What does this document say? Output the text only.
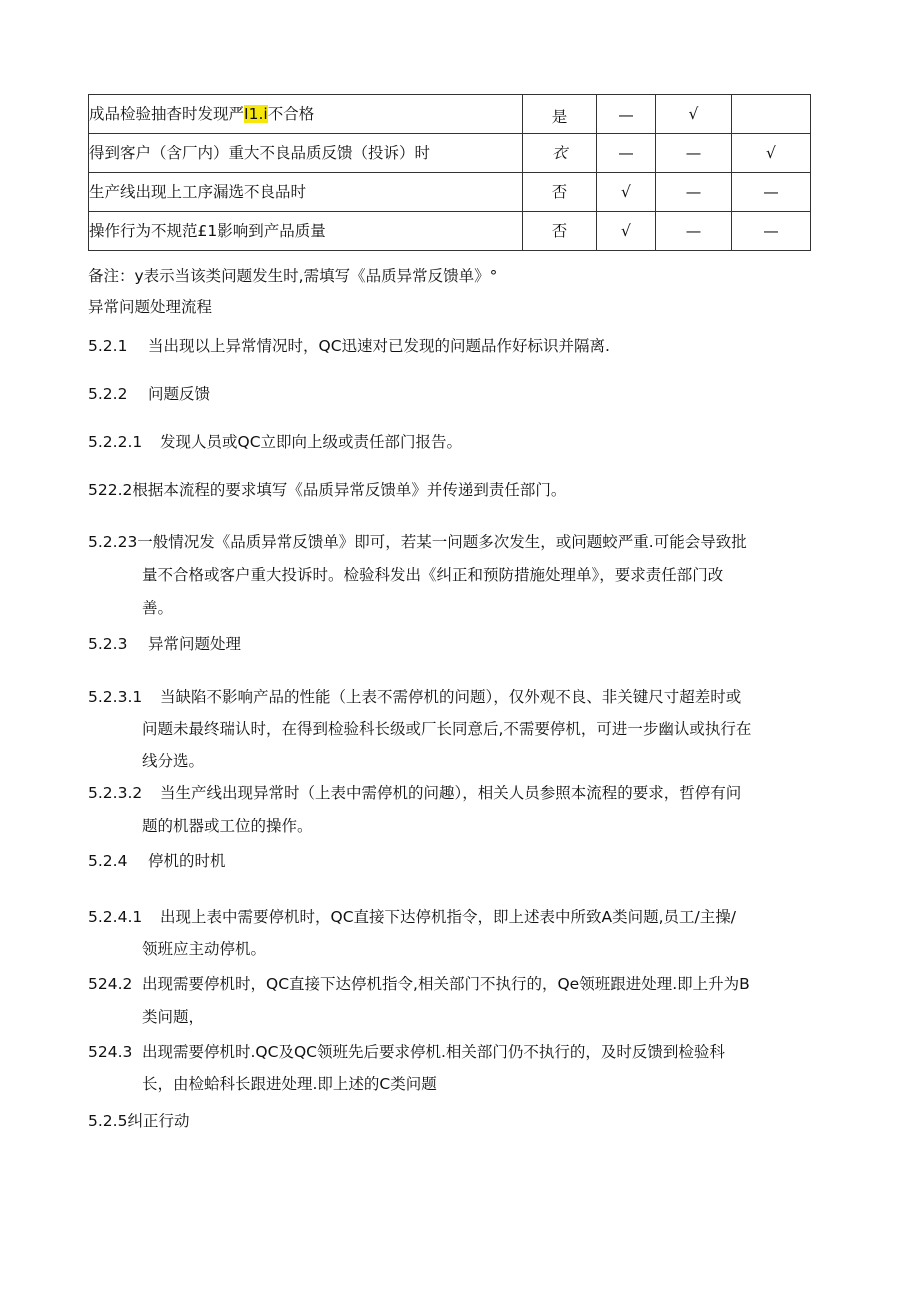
成品检验抽杳时发现严I1.i不合格	是	—	√	
得到客户（含厂内）重大不良品质反馈（投诉）时	衣	—	—	√
生产线出现上工序漏选不良品时	否	√	—	—
操作行为不规范£1影响到产品质量	否	√	—	—
备注：y表示当该类问题发生时,需填写《品质异常反馈单》°
异常问题处理流程
5.2.1 当出现以上异常情况时，QC迅速对已发现的问题品作好标识并隔离.
5.2.2 问题反馈
5.2.2.1 发现人员或QC立即向上级或责任部门报告。
522.2根据本流程的要求填写《品质异常反馈单》并传递到责任部门。
5.2.23一般情况发《品质异常反馈单》即可，若某一问题多次发生，或问题蛟严重.可能会导致批
量不合格或客户重大投诉时。检验科发出《纠正和预防措施处理单》，要求责任部门改
善。
5.2.3 异常问题处理
5.2.3.1 当缺陷不影响产品的性能（上表不需停机的问题），仅外观不良、非关键尺寸超差时或
问题未最终瑞认时，在得到检验科长级或厂长同意后,不需要停机，可进一步幽认或执行在
线分选。
5.2.3.2 当生产线出现异常时（上表中需停机的问趣），相关人员参照本流程的要求，哲停有问
题的机器或工位的操作。
5.2.4 停机的时机
5.2.4.1 出现上表中需要停机时，QC直接下达停机指令，即上述表中所致A类问题,员工/主操/
领班应主动停机。
524.2 出现需要停机时，QC直接下达停机指令,相关部门不执行的，Qe领班跟进处理.即上升为B
类问题，
524.3 出现需要停机时.QC及QC领班先后要求停机.相关部门仍不执行的，及时反馈到检验科
长，由检蛤科长跟进处理.即上述的C类问题
5.2.5纠正行动
